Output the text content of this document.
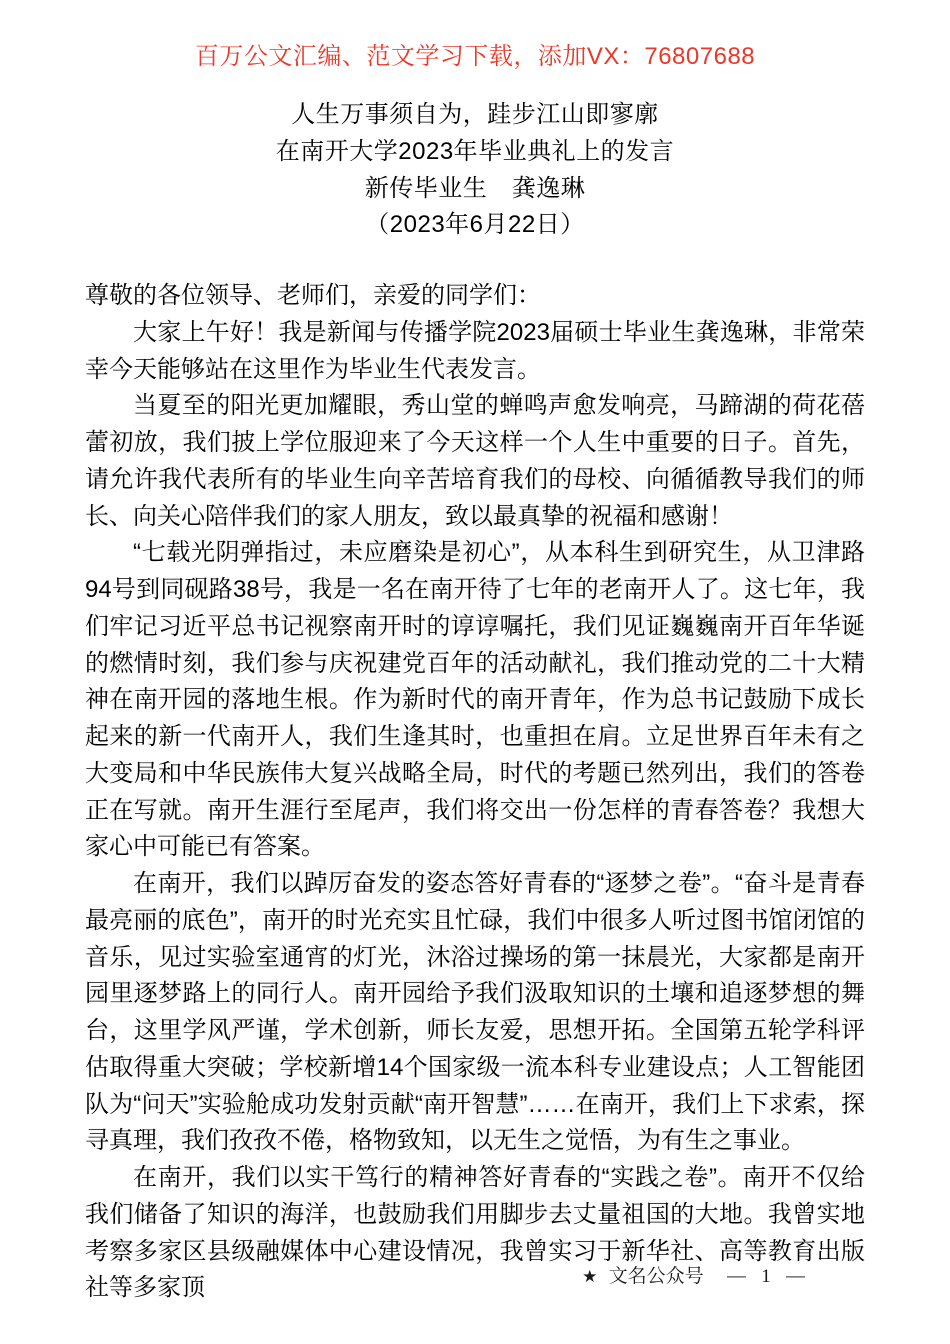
百万公文汇编、范文学习下载，添加VX：76807688
人生万事须自为，跬步江山即寥廓
在南开大学2023年毕业典礼上的发言
新传毕业生　龚逸琳
（2023年6月22日）

尊敬的各位领导、老师们，亲爱的同学们：

大家上午好！我是新闻与传播学院2023届硕士毕业生龚逸琳，非常荣幸今天能够站在这里作为毕业生代表发言。

当夏至的阳光更加耀眼，秀山堂的蝉鸣声愈发响亮，马蹄湖的荷花蓓蕾初放，我们披上学位服迎来了今天这样一个人生中重要的日子。首先，请允许我代表所有的毕业生向辛苦培育我们的母校、向循循教导我们的师长、向关心陪伴我们的家人朋友，致以最真挚的祝福和感谢！

“七载光阴弹指过，未应磨染是初心”，从本科生到研究生，从卫津路94号到同砚路38号，我是一名在南开待了七年的老南开人了。这七年，我们牢记习近平总书记视察南开时的谆谆嘱托，我们见证巍巍南开百年华诞的燃情时刻，我们参与庆祝建党百年的活动献礼，我们推动党的二十大精神在南开园的落地生根。作为新时代的南开青年，作为总书记鼓励下成长起来的新一代南开人，我们生逢其时，也重担在肩。立足世界百年未有之大变局和中华民族伟大复兴战略全局，时代的考题已然列出，我们的答卷正在写就。南开生涯行至尾声，我们将交出一份怎样的青春答卷？我想大家心中可能已有答案。

在南开，我们以踔厉奋发的姿态答好青春的“逐梦之卷”。“奋斗是青春最亮丽的底色”，南开的时光充实且忙碌，我们中很多人听过图书馆闭馆的音乐，见过实验室通宵的灯光，沐浴过操场的第一抹晨光，大家都是南开园里逐梦路上的同行人。南开园给予我们汲取知识的土壤和追逐梦想的舞台，这里学风严谨，学术创新，师长友爱，思想开拓。全国第五轮学科评估取得重大突破；学校新增14个国家级一流本科专业建设点；人工智能团队为“问天”实验舱成功发射贡献“南开智慧”……在南开，我们上下求索，探寻真理，我们孜孜不倦，格物致知，以无生之觉悟，为有生之事业。

在南开，我们以实干笃行的精神答好青春的“实践之卷”。南开不仅给我们储备了知识的海洋，也鼓励我们用脚步去丈量祖国的大地。我曾实地考察多家区县级融媒体中心建设情况，我曾实习于新华社、高等教育出版社等多家顶	★ 文名公众号 — 1 —
